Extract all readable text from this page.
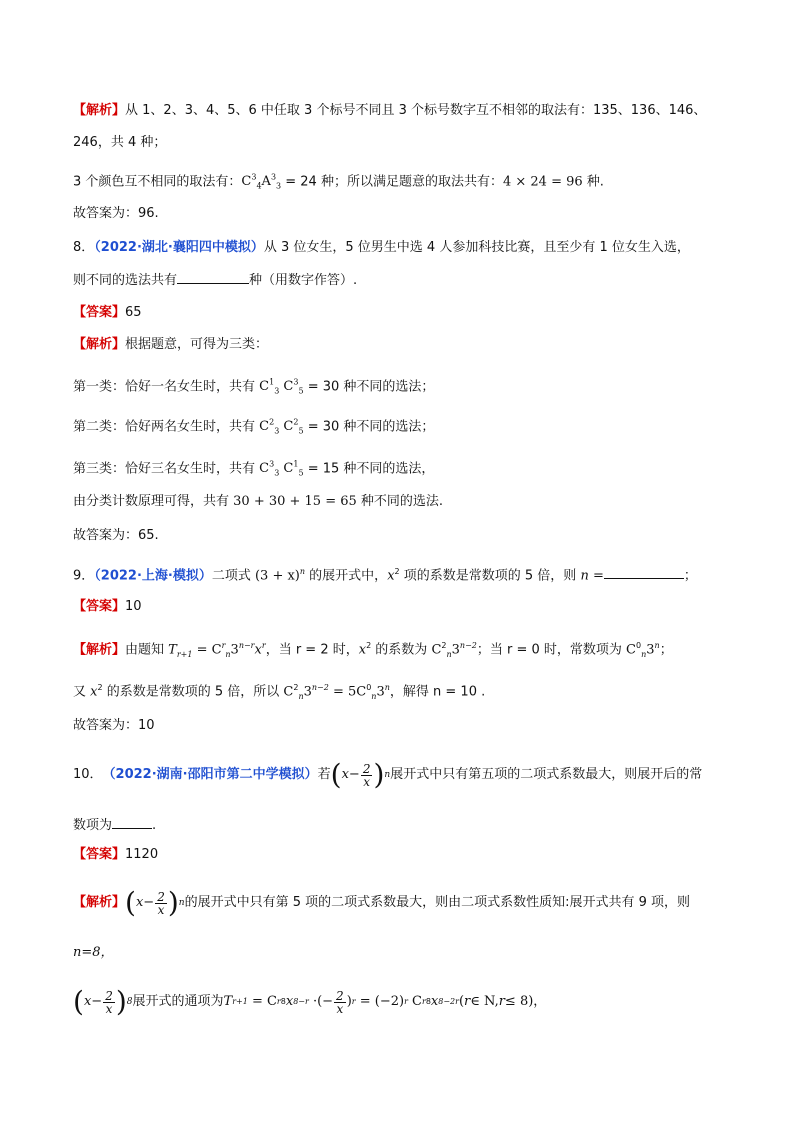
【解析】从 1、2、3、4、5、6 中任取 3 个标号不同且 3 个标号数字互不相邻的取法有：135、136、146、
246，共 4 种；
3 个颜色互不相同的取法有：$C^3_4A^3_3 = 24$ 种；所以满足题意的取法共有：4 × 24 = 96 种.
故答案为：96.
8．（2022·湖北·襄阳四中模拟）从 3 位女生，5 位男生中选 4 人参加科技比赛，且至少有 1 位女生入选，
则不同的选法共有	种（用数字作答）.
【答案】65
【解析】根据题意，可得为三类：
第一类：恰好一名女生时，共有 $C^1_3$ $C^3_5 = 30$ 种不同的选法；
第二类：恰好两名女生时，共有 $C^2_3$ $C^2_5 = 30$ 种不同的选法；
第三类：恰好三名女生时，共有 $C^3_3$ $C^1_5 = 15$ 种不同的选法，
由分类计数原理可得，共有 30 + 30 + 15 = 65 种不同的选法.
故答案为：65.
9．（2022·上海·模拟）二项式 $(3 + x)^n$ 的展开式中，$x^2$ 项的系数是常数项的 5 倍，则 n =	；
【答案】10
【解析】由题知 $T_{r+1} = C^r_n3^{n-r}x^r$，当 r = 2 时，$x^2$ 的系数为 $C^2_n3^{n-2}$；当 r = 0 时，常数项为 $C^0_n3^n$；
又 $x^2$ 的系数是常数项的 5 倍，所以 $C^2_n3^{n-2} = 5C^0_n3^n$，解得 n = 10 .
故答案为：10
10． （2022·湖南·邵阳市第二中学模拟） 若 ( $x - \frac{2}{x}$ ) n 展开式中只有第五项的二项式系数最大，则展开后的常
数项为	.
【答案】1120
【解析】 ( $x - \frac{2}{x}$ ) n 的展开式中只有第 5 项的二项式系数最大，则由二项式系数性质知:展开式共有 9 项，则
n=8，
( $x - \frac{2}{x}$ ) 8 展开式的通项为 T r+1 = C r 8 x 8−r ·(− $\frac{2}{x}$ ) r = (−2) r C r 8 x 8−2r ( r ∈ N, r ≤ 8) ，
